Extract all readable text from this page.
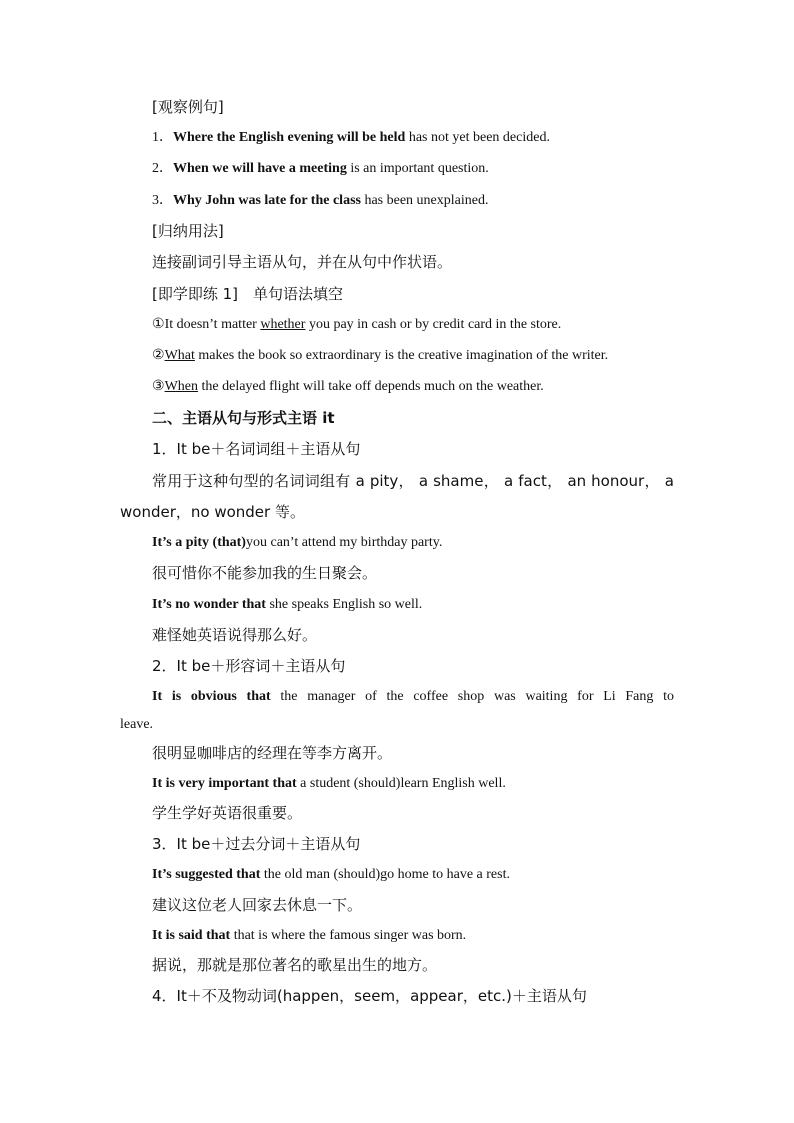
[观察例句]
1．Where the English evening will be held has not yet been decided.
2．When we will have a meeting is an important question.
3．Why John was late for the class has been unexplained.
[归纳用法]
连接副词引导主语从句，并在从句中作状语。
[即学即练 1]　单句语法填空
①It doesn’t matter whether you pay in cash or by credit card in the store.
②What makes the book so extraordinary is the creative imagination of the writer.
③When the delayed flight will take off depends much on the weather.
二、主语从句与形式主语 it
1．It be＋名词词组＋主语从句
常用于这种句型的名词词组有 a pity， a shame， a fact， an honour， a
wonder，no wonder 等。
It’s a pity (that)you can’t attend my birthday party.
很可惜你不能参加我的生日聚会。
It’s no wonder that she speaks English so well.
难怪她英语说得那么好。
2．It be＋形容词＋主语从句
It is obvious that the manager of the coffee shop was waiting for Li Fang to
leave.
很明显咖啡店的经理在等李方离开。
It is very important that a student (should)learn English well.
学生学好英语很重要。
3．It be＋过去分词＋主语从句
It’s suggested that the old man (should)go home to have a rest.
建议这位老人回家去休息一下。
It is said that that is where the famous singer was born.
据说，那就是那位著名的歌星出生的地方。
4．It＋不及物动词(happen，seem，appear，etc.)＋主语从句
